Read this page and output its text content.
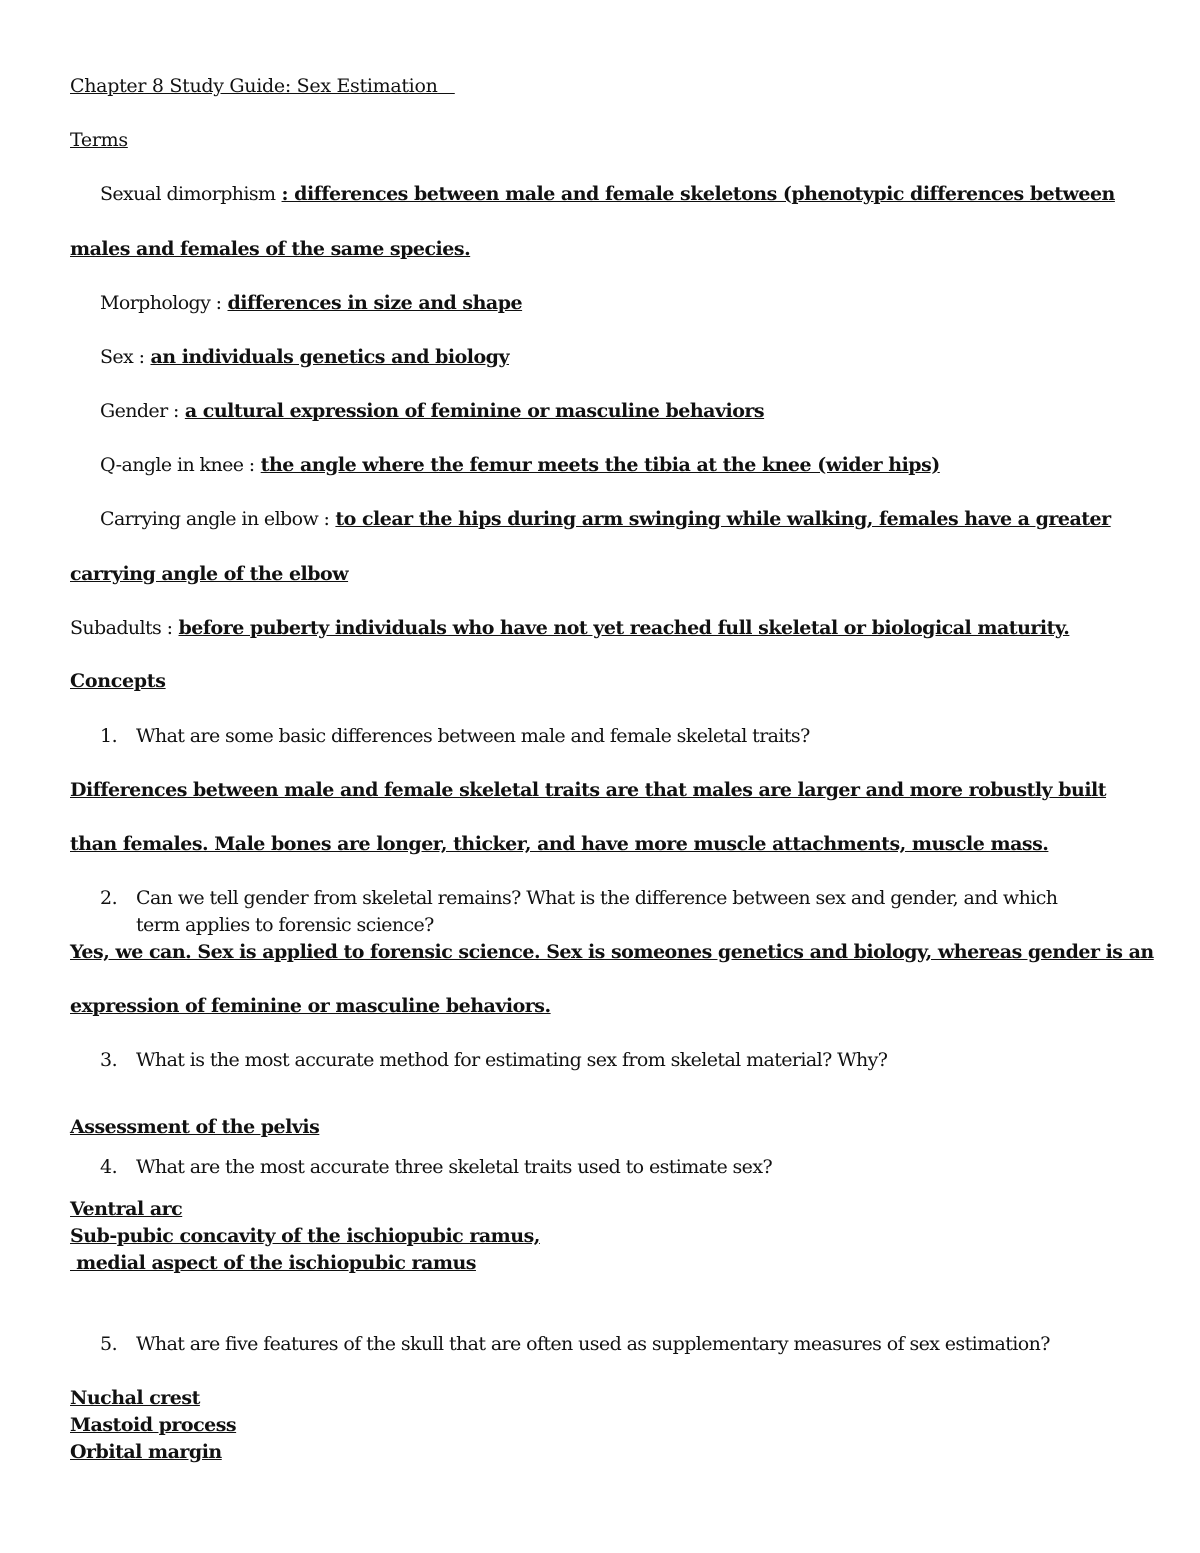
Chapter 8 Study Guide: Sex Estimation
Terms
Sexual dimorphism : differences between male and female skeletons (phenotypic differences between
males and females of the same species.
Morphology : differences in size and shape
Sex : an individuals genetics and biology
Gender : a cultural expression of feminine or masculine behaviors
Q-angle in knee : the angle where the femur meets the tibia at the knee (wider hips)
Carrying angle in elbow : to clear the hips during arm swinging while walking, females have a greater
carrying angle of the elbow
Subadults : before puberty individuals who have not yet reached full skeletal or biological maturity.
Concepts
1. What are some basic differences between male and female skeletal traits?
Differences between male and female skeletal traits are that males are larger and more robustly built
than females. Male bones are longer, thicker, and have more muscle attachments, muscle mass.
2. Can we tell gender from skeletal remains? What is the difference between sex and gender, and which
term applies to forensic science?
Yes, we can. Sex is applied to forensic science. Sex is someones genetics and biology, whereas gender is an
expression of feminine or masculine behaviors.
3. What is the most accurate method for estimating sex from skeletal material? Why?
Assessment of the pelvis
4. What are the most accurate three skeletal traits used to estimate sex?
Ventral arc
Sub-pubic concavity of the ischiopubic ramus,
medial aspect of the ischiopubic ramus
5. What are five features of the skull that are often used as supplementary measures of sex estimation?
Nuchal crest
Mastoid process
Orbital margin
